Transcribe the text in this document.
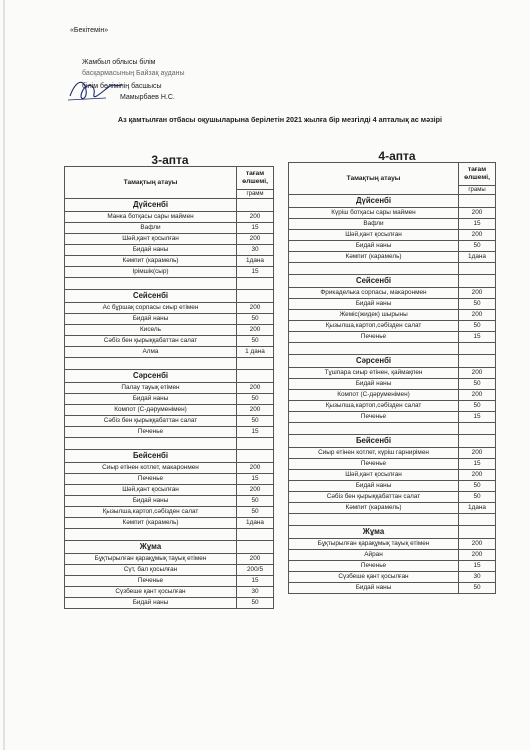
«Бекітемін»
Жамбыл облысы білім
басқармасының Байзақ ауданы
білім бөлімінің басшысы
Мамырбаев Н.С.
Аз қамтылған отбасы оқушыларына берілетін 2021 жылға бір мезгілді 4 апталық ас мәзірі
3-апта	4-апта
Тамақтың атауы	тағам өлшемі,
	грамм
Дүйсенбі	
Манка ботқасы сары маймен	200
Вафли	15
Шәй,қант қосылған	200
Бидай наны	30
Кәмпит (карамель)	1дана
Ірімшік(сыр)	15

Сейсенбі	
Ас бұршақ сорпасы сиыр етімен	200
Бидай наны	50
Кисель	200
Сәбіз бен қырыққабаттан салат	50
Алма	1 дана

Сәрсенбі	
Палау тауық етімен	200
Бидай наны	50
Компот (С-дәруменімен)	200
Сәбіз бен қырыққабаттан салат	50
Печенье	15

Бейсенбі	
Сиыр етінен котлет, макаронмен	200
Печенье	15
Шәй,қант қосылған	200
Бидай наны	50
Қызылша,картоп,сәбізден салат	50
Кәмпит (карамель)	1дана

Жұма	
Бұқтырылған қарақұмық тауық етімен	200
Сүт, бал қосылған	200/5
Печенье	15
Сүзбеше қант қосылған	30
Бидай наны	50
Тамақтың атауы	тағам өлшемі,
	грамы
Дүйсенбі	
Күріш ботқасы сары маймен	200
Вафли	15
Шәй,қант қосылған	200
Бидай наны	50
Кәмпит (карамель)	1дана

Сейсенбі	
Фрикаделька сорпасы, макаронмен	200
Бидай наны	50
Жеміс(жидек) шырыны	200
Қызылша,картоп,сәбізден салат	50
Печенье	15

Сәрсенбі	
Тұшпара сиыр етінен, қаймақпен	200
Бидай наны	50
Компот (С-дәруменімен)	200
Қызылша,картоп,сәбізден салат	50
Печенье	15

Бейсенбі	
Сиыр етінен котлет, күріш гарнирімен	200
Печенье	15
Шәй,қант қосылған	200
Бидай наны	50
Сәбіз бен қырыққабаттан салат	50
Кәмпит (карамель)	1дана

Жұма	
Бұқтырылған қарақұмық тауық етімен	200
Айран	200
Печенье	15
Сүзбеше қант қосылған	30
Бидай наны	50
